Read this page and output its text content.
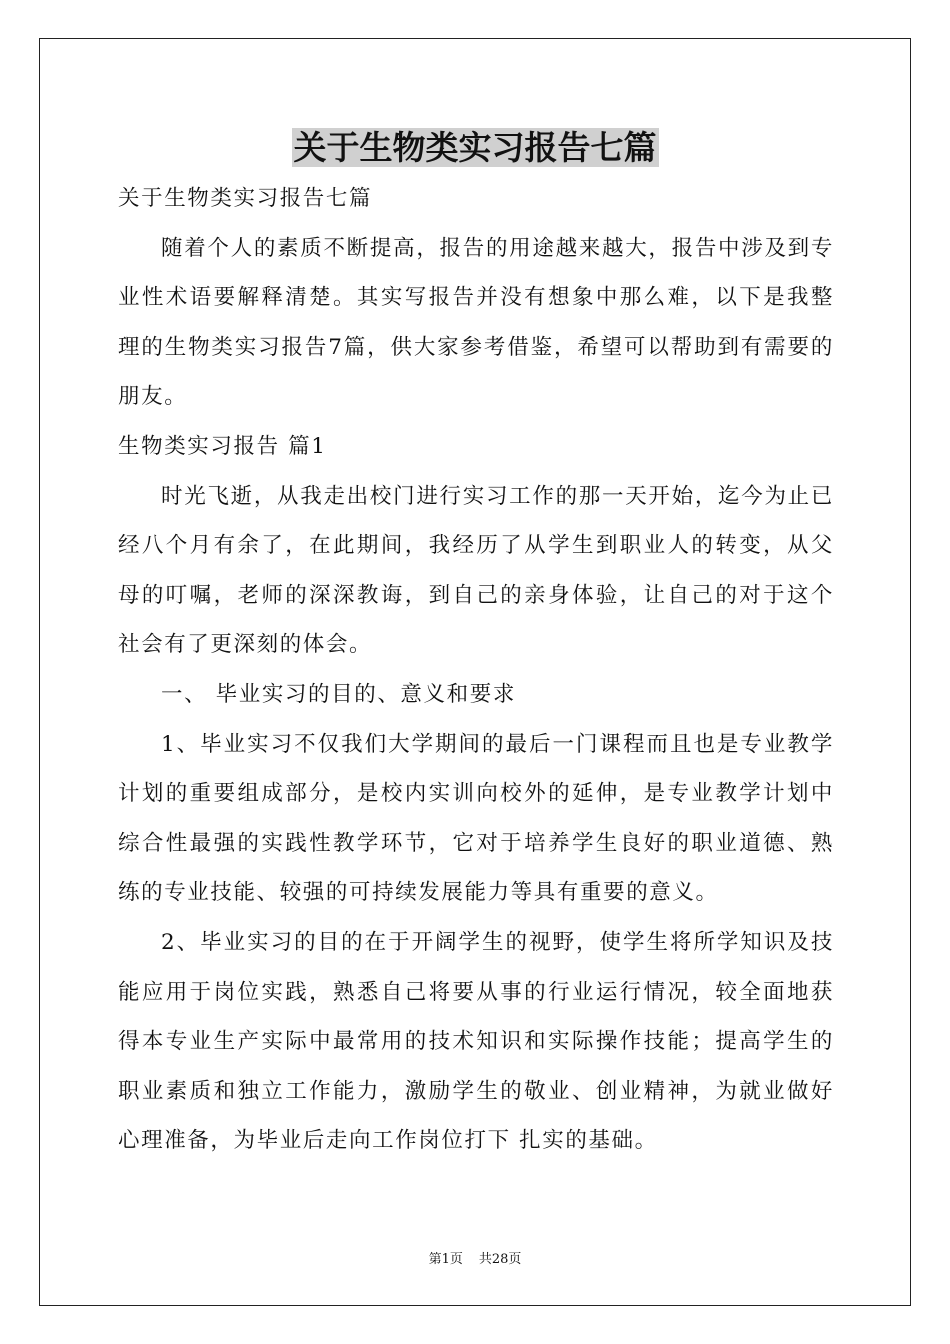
关于生物类实习报告七篇

关于生物类实习报告七篇

随着个人的素质不断提高，报告的用途越来越大，报告中涉及到专业性术语要解释清楚。其实写报告并没有想象中那么难，以下是我整理的生物类实习报告7篇，供大家参考借鉴，希望可以帮助到有需要的朋友。

生物类实习报告 篇1

时光飞逝，从我走出校门进行实习工作的那一天开始，迄今为止已经八个月有余了，在此期间，我经历了从学生到职业人的转变，从父母的叮嘱，老师的深深教诲，到自己的亲身体验，让自己的对于这个社会有了更深刻的体会。

一、 毕业实习的目的、意义和要求

1、毕业实习不仅我们大学期间的最后一门课程而且也是专业教学计划的重要组成部分，是校内实训向校外的延伸，是专业教学计划中综合性最强的实践性教学环节，它对于培养学生良好的职业道德、熟练的专业技能、较强的可持续发展能力等具有重要的意义。

2、毕业实习的目的在于开阔学生的视野，使学生将所学知识及技能应用于岗位实践，熟悉自己将要从事的行业运行情况，较全面地获得本专业生产实际中最常用的技术知识和实际操作技能；提高学生的职业素质和独立工作能力，激励学生的敬业、创业精神，为就业做好心理准备，为毕业后走向工作岗位打下 扎实的基础。

第1页 共28页
